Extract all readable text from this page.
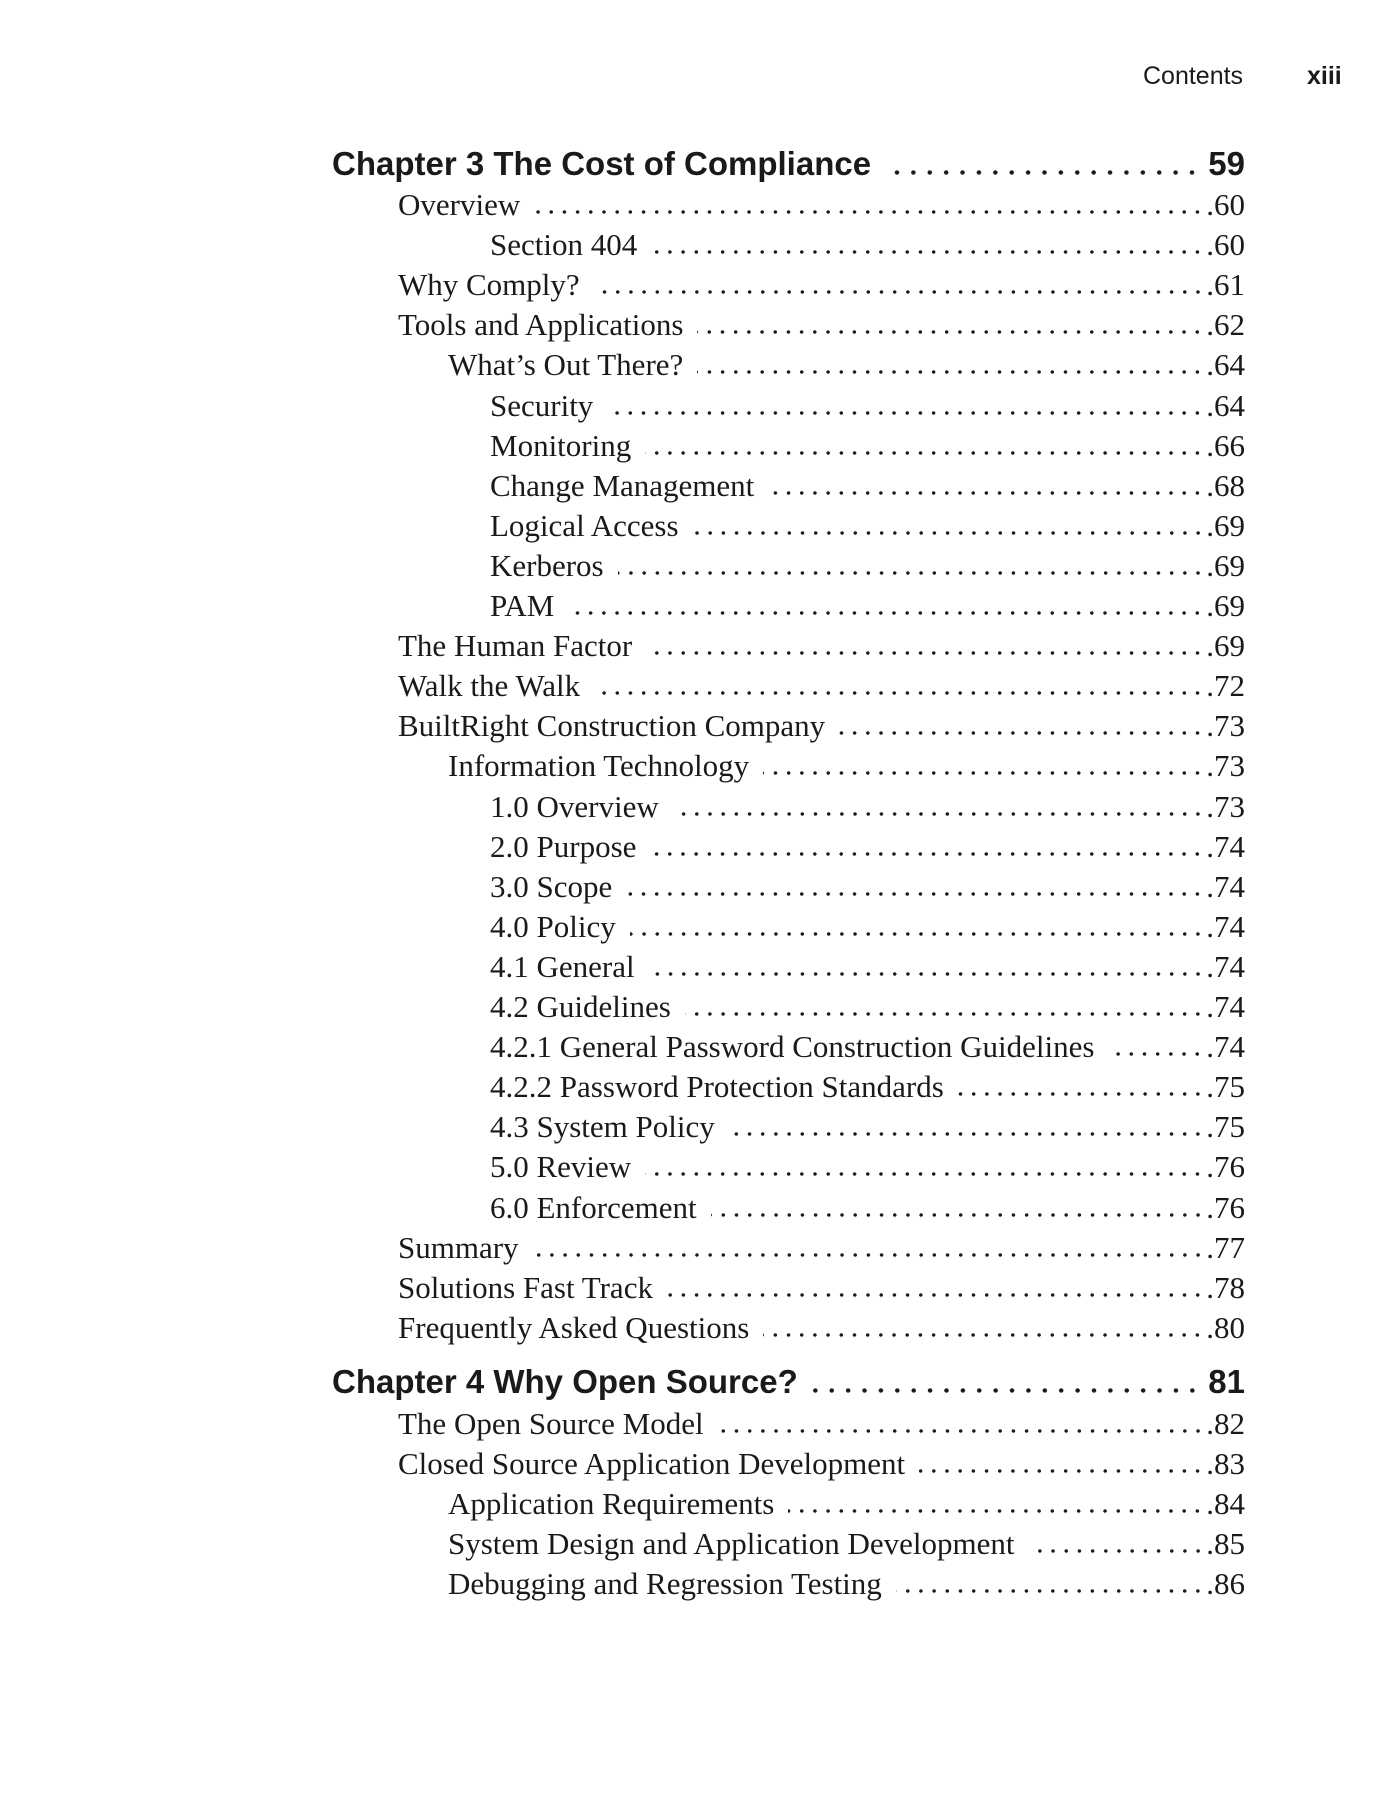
Contents	xiii
Chapter 3 The Cost of Compliance	59
Overview	.60
Section 404	.60
Why Comply?	.61
Tools and Applications	.62
What’s Out There?	.64
Security	.64
Monitoring	.66
Change Management	.68
Logical Access	.69
Kerberos	.69
PAM	.69
The Human Factor	.69
Walk the Walk	.72
BuiltRight Construction Company	.73
Information Technology	.73
1.0 Overview	.73
2.0 Purpose	.74
3.0 Scope	.74
4.0 Policy	.74
4.1 General	.74
4.2 Guidelines	.74
4.2.1 General Password Construction Guidelines	.74
4.2.2 Password Protection Standards	.75
4.3 System Policy	.75
5.0 Review	.76
6.0 Enforcement	.76
Summary	.77
Solutions Fast Track	.78
Frequently Asked Questions	.80
Chapter 4 Why Open Source?	81
The Open Source Model	.82
Closed Source Application Development	.83
Application Requirements	.84
System Design and Application Development	.85
Debugging and Regression Testing	.86
